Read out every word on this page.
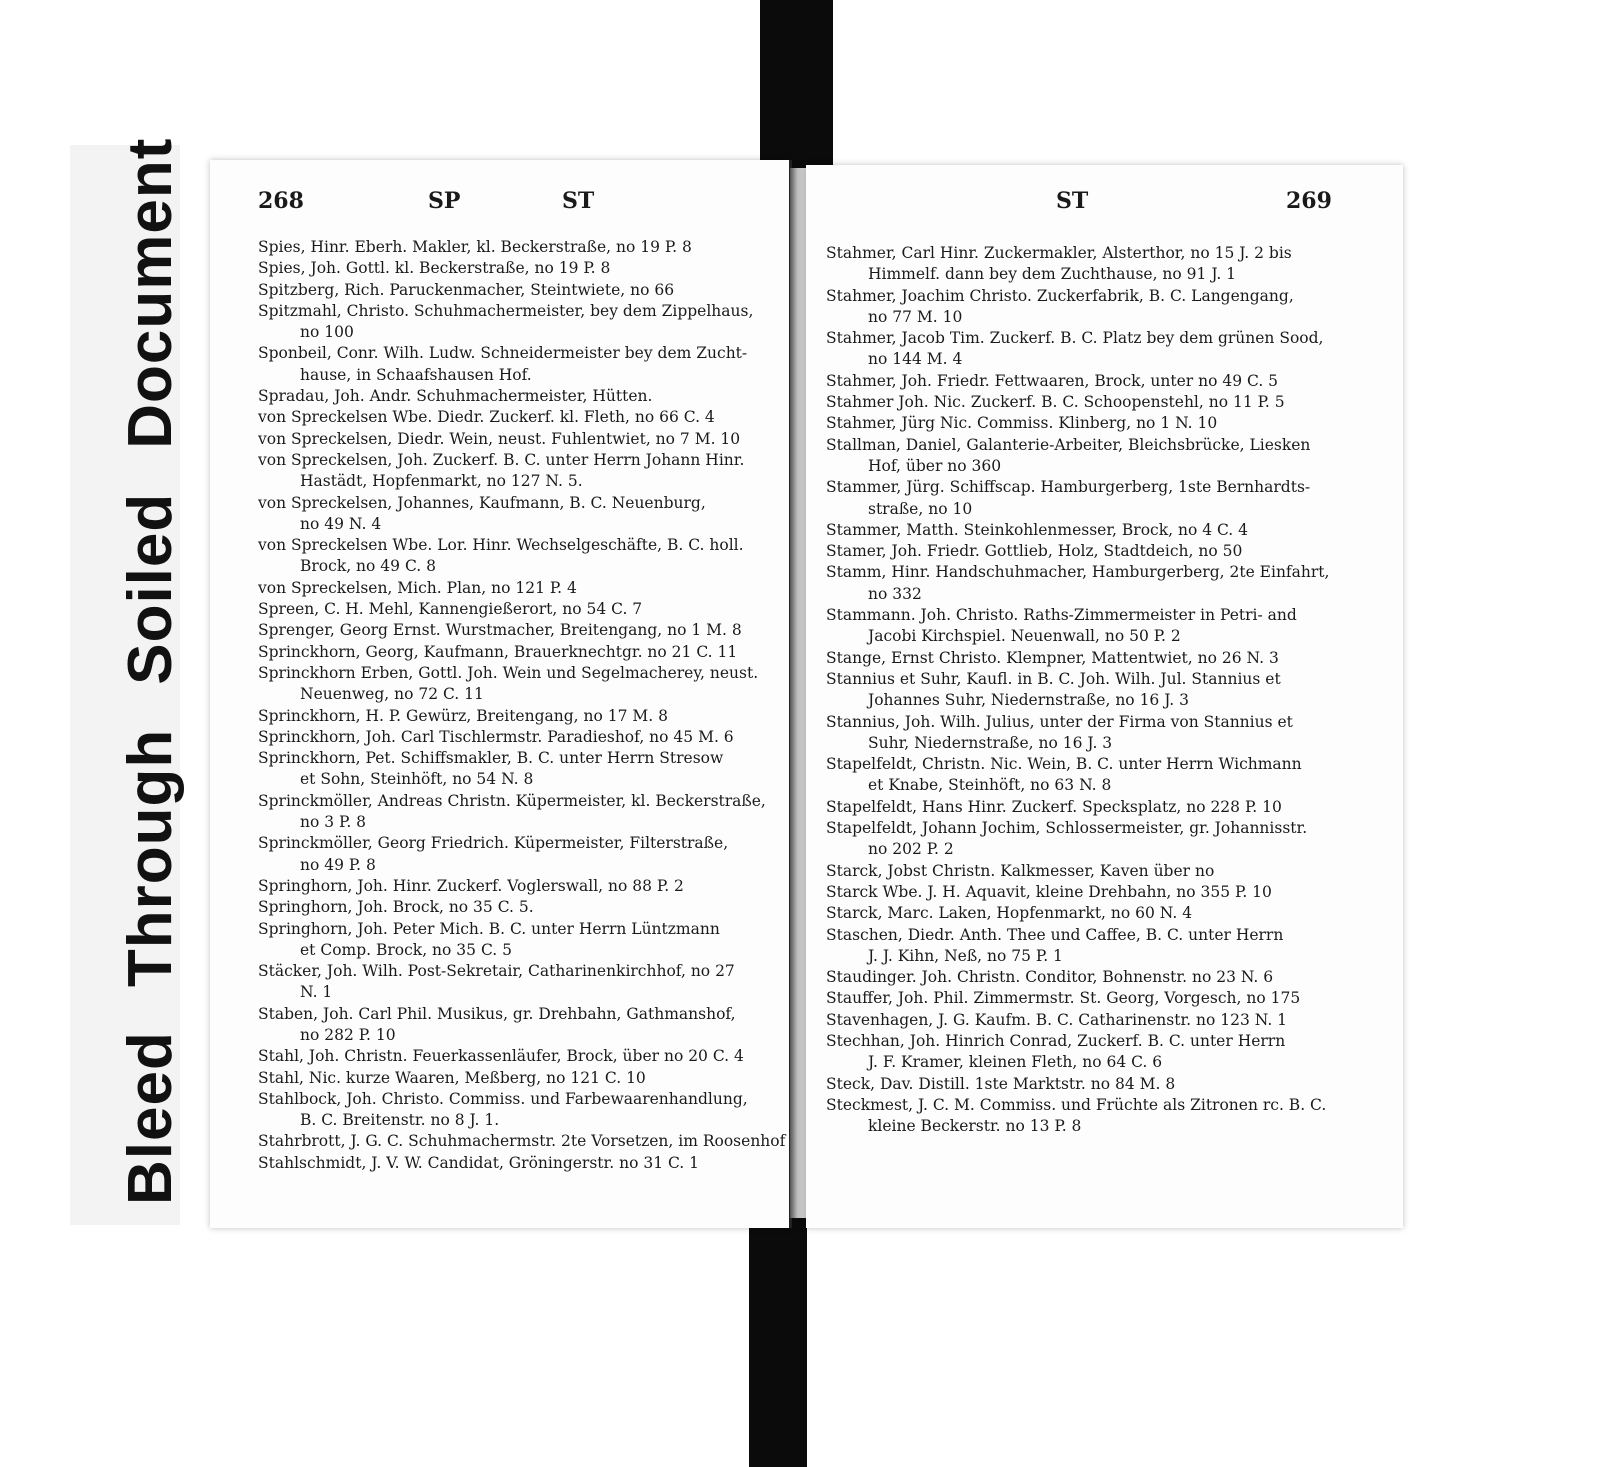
BleedThroughSoiledDocument	268	SP	ST
Spies, Hinr. Eberh. Makler, kl. Beckerstraße, no 19 P. 8
Spies, Joh. Gottl. kl. Beckerstraße, no 19 P. 8
Spitzberg, Rich. Paruckenmacher, Steintwiete, no 66
Spitzmahl, Christo. Schuhmachermeister, bey dem Zippelhaus,
no 100
Sponbeil, Conr. Wilh. Ludw. Schneidermeister bey dem Zucht-
hause, in Schaafshausen Hof.
Spradau, Joh. Andr. Schuhmachermeister, Hütten.
von Spreckelsen Wbe. Diedr. Zuckerf. kl. Fleth, no 66 C. 4
von Spreckelsen, Diedr. Wein, neust. Fuhlentwiet, no 7 M. 10
von Spreckelsen, Joh. Zuckerf. B. C. unter Herrn Johann Hinr.
Hastädt, Hopfenmarkt, no 127 N. 5.
von Spreckelsen, Johannes, Kaufmann, B. C. Neuenburg,
no 49 N. 4
von Spreckelsen Wbe. Lor. Hinr. Wechselgeschäfte, B. C. holl.
Brock, no 49 C. 8
von Spreckelsen, Mich. Plan, no 121 P. 4
Spreen, C. H. Mehl, Kannengießerort, no 54 C. 7
Sprenger, Georg Ernst. Wurstmacher, Breitengang, no 1 M. 8
Sprinckhorn, Georg, Kaufmann, Brauerknechtgr. no 21 C. 11
Sprinckhorn Erben, Gottl. Joh. Wein und Segelmacherey, neust.
Neuenweg, no 72 C. 11
Sprinckhorn, H. P. Gewürz, Breitengang, no 17 M. 8
Sprinckhorn, Joh. Carl Tischlermstr. Paradieshof, no 45 M. 6
Sprinckhorn, Pet. Schiffsmakler, B. C. unter Herrn Stresow
et Sohn, Steinhöft, no 54 N. 8
Sprinckmöller, Andreas Christn. Küpermeister, kl. Beckerstraße,
no 3 P. 8
Sprinckmöller, Georg Friedrich. Küpermeister, Filterstraße,
no 49 P. 8
Springhorn, Joh. Hinr. Zuckerf. Voglerswall, no 88 P. 2
Springhorn, Joh. Brock, no 35 C. 5.
Springhorn, Joh. Peter Mich. B. C. unter Herrn Lüntzmann
et Comp. Brock, no 35 C. 5
Stäcker, Joh. Wilh. Post-Sekretair, Catharinenkirchhof, no 27
N. 1
Staben, Joh. Carl Phil. Musikus, gr. Drehbahn, Gathmanshof,
no 282 P. 10
Stahl, Joh. Christn. Feuerkassenläufer, Brock, über no 20 C. 4
Stahl, Nic. kurze Waaren, Meßberg, no 121 C. 10
Stahlbock, Joh. Christo. Commiss. und Farbewaarenhandlung,
B. C. Breitenstr. no 8 J. 1.
Stahrbrott, J. G. C. Schuhmachermstr. 2te Vorsetzen, im Roosenhof
Stahlschmidt, J. V. W. Candidat, Gröningerstr. no 31 C. 1
ST	269
Stahmer, Carl Hinr. Zuckermakler, Alsterthor, no 15 J. 2 bis
Himmelf. dann bey dem Zuchthause, no 91 J. 1
Stahmer, Joachim Christo. Zuckerfabrik, B. C. Langengang,
no 77 M. 10
Stahmer, Jacob Tim. Zuckerf. B. C. Platz bey dem grünen Sood,
no 144 M. 4
Stahmer, Joh. Friedr. Fettwaaren, Brock, unter no 49 C. 5
Stahmer Joh. Nic. Zuckerf. B. C. Schoopenstehl, no 11 P. 5
Stahmer, Jürg Nic. Commiss. Klinberg, no 1 N. 10
Stallman, Daniel, Galanterie-Arbeiter, Bleichsbrücke, Liesken
Hof, über no 360
Stammer, Jürg. Schiffscap. Hamburgerberg, 1ste Bernhardts-
straße, no 10
Stammer, Matth. Steinkohlenmesser, Brock, no 4 C. 4
Stamer, Joh. Friedr. Gottlieb, Holz, Stadtdeich, no 50
Stamm, Hinr. Handschuhmacher, Hamburgerberg, 2te Einfahrt,
no 332
Stammann. Joh. Christo. Raths-Zimmermeister in Petri- and
Jacobi Kirchspiel. Neuenwall, no 50 P. 2
Stange, Ernst Christo. Klempner, Mattentwiet, no 26 N. 3
Stannius et Suhr, Kaufl. in B. C. Joh. Wilh. Jul. Stannius et
Johannes Suhr, Niedernstraße, no 16 J. 3
Stannius, Joh. Wilh. Julius, unter der Firma von Stannius et
Suhr, Niedernstraße, no 16 J. 3
Stapelfeldt, Christn. Nic. Wein, B. C. unter Herrn Wichmann
et Knabe, Steinhöft, no 63 N. 8
Stapelfeldt, Hans Hinr. Zuckerf. Specksplatz, no 228 P. 10
Stapelfeldt, Johann Jochim, Schlossermeister, gr. Johannisstr.
no 202 P. 2
Starck, Jobst Christn. Kalkmesser, Kaven über no
Starck Wbe. J. H. Aquavit, kleine Drehbahn, no 355 P. 10
Starck, Marc. Laken, Hopfenmarkt, no 60 N. 4
Staschen, Diedr. Anth. Thee und Caffee, B. C. unter Herrn
J. J. Kihn, Neß, no 75 P. 1
Staudinger. Joh. Christn. Conditor, Bohnenstr. no 23 N. 6
Stauffer, Joh. Phil. Zimmermstr. St. Georg, Vorgesch, no 175
Stavenhagen, J. G. Kaufm. B. C. Catharinenstr. no 123 N. 1
Stechhan, Joh. Hinrich Conrad, Zuckerf. B. C. unter Herrn
J. F. Kramer, kleinen Fleth, no 64 C. 6
Steck, Dav. Distill. 1ste Marktstr. no 84 M. 8
Steckmest, J. C. M. Commiss. und Früchte als Zitronen rc. B. C.
kleine Beckerstr. no 13 P. 8
